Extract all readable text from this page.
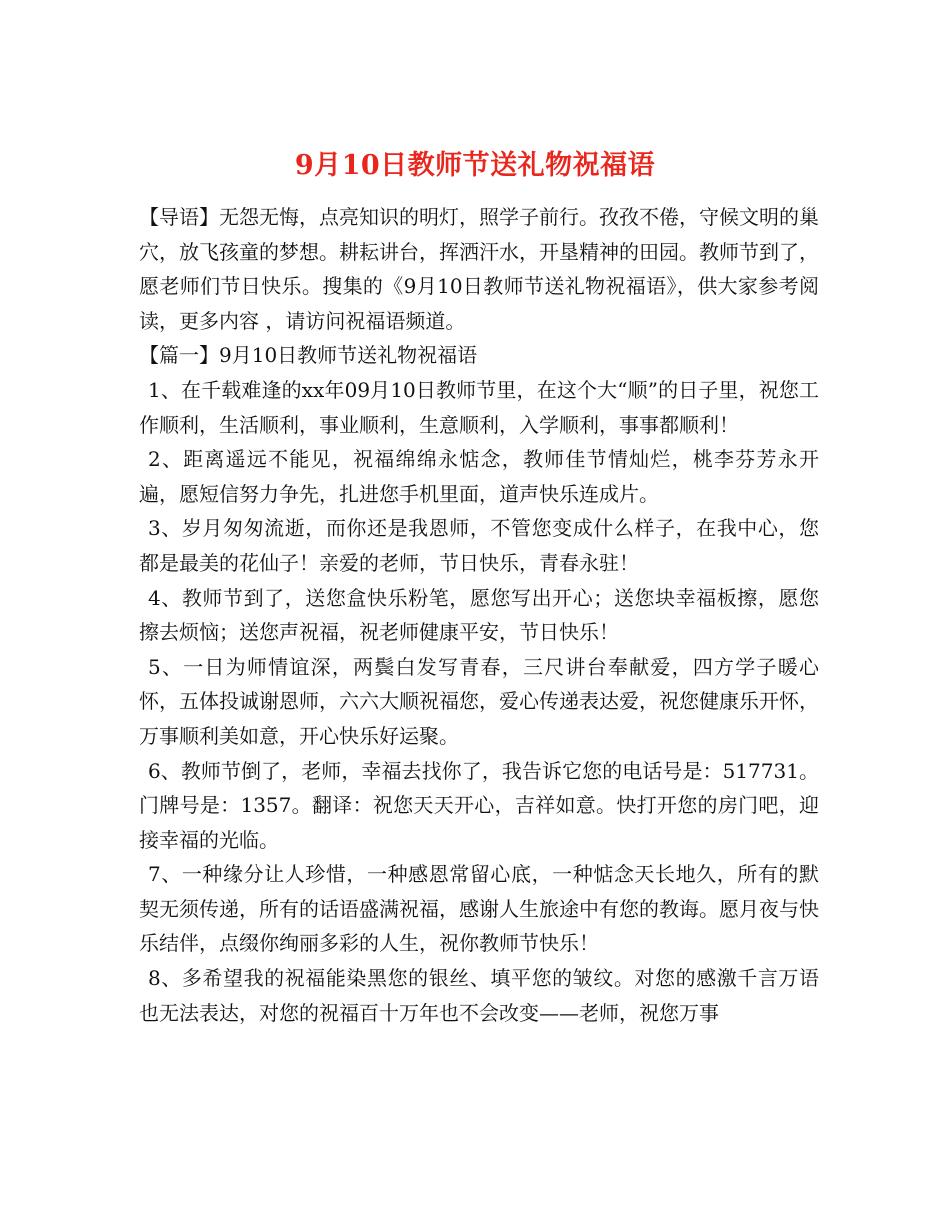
9月10日教师节送礼物祝福语

【导语】无怨无悔，点亮知识的明灯，照学子前行。孜孜不倦，守候文明的巢穴，放飞孩童的梦想。耕耘讲台，挥洒汗水，开垦精神的田园。教师节到了，愿老师们节日快乐。搜集的《9月10日教师节送礼物祝福语》，供大家参考阅读，更多内容 ，请访问祝福语频道。

【篇一】9月10日教师节送礼物祝福语

1、在千载难逢的xx年09月10日教师节里，在这个大“顺”的日子里，祝您工作顺利，生活顺利，事业顺利，生意顺利，入学顺利，事事都顺利！

2、距离遥远不能见，祝福绵绵永惦念，教师佳节情灿烂，桃李芬芳永开遍，愿短信努力争先，扎进您手机里面，道声快乐连成片。

3、岁月匆匆流逝，而你还是我恩师，不管您变成什么样子，在我中心，您都是最美的花仙子！亲爱的老师，节日快乐，青春永驻！

4、教师节到了，送您盒快乐粉笔，愿您写出开心；送您块幸福板擦，愿您擦去烦恼；送您声祝福，祝老师健康平安，节日快乐！

5、一日为师情谊深，两鬓白发写青春，三尺讲台奉献爱，四方学子暖心怀，五体投诚谢恩师，六六大顺祝福您，爱心传递表达爱，祝您健康乐开怀，万事顺利美如意，开心快乐好运聚。

6、教师节倒了，老师，幸福去找你了，我告诉它您的电话号是：517731。门牌号是：1357。翻译：祝您天天开心，吉祥如意。快打开您的房门吧，迎接幸福的光临。

7、一种缘分让人珍惜，一种感恩常留心底，一种惦念天长地久，所有的默契无须传递，所有的话语盛满祝福，感谢人生旅途中有您的教诲。愿月夜与快乐结伴，点缀你绚丽多彩的人生，祝你教师节快乐！

8、多希望我的祝福能染黑您的银丝、填平您的皱纹。对您的感激千言万语也无法表达，对您的祝福百十万年也不会改变——老师，祝您万事
